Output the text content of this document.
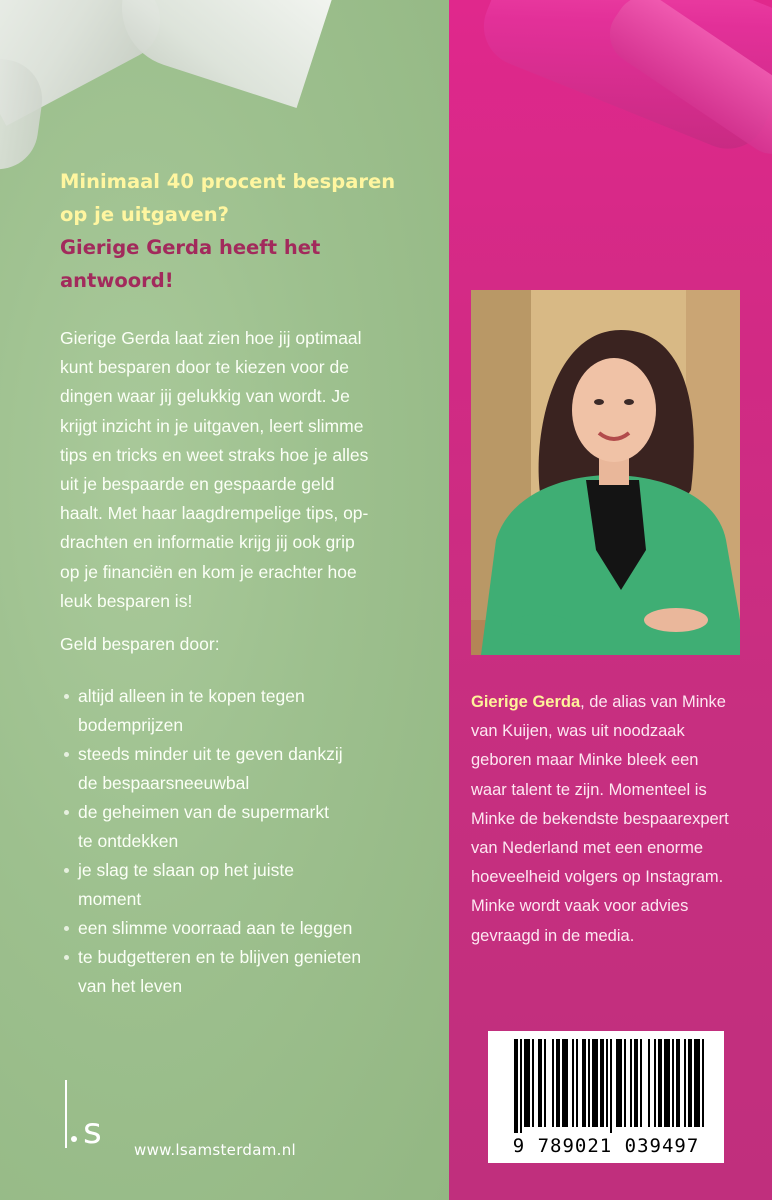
Minimaal 40 procent besparen
op je uitgaven?
Gierige Gerda heeft het
antwoord!

Gierige Gerda laat zien hoe jij optimaal
kunt besparen door te kiezen voor de
dingen waar jij gelukkig van wordt. Je
krijgt inzicht in je uitgaven, leert slimme
tips en tricks en weet straks hoe je alles
uit je bespaarde en gespaarde geld
haalt. Met haar laagdrempelige tips, op-
drachten en informatie krijg jij ook grip
op je financiën en kom je erachter hoe
leuk besparen is!

Geld besparen door:

altijd alleen in te kopen tegen
bodemprijzen
steeds minder uit te geven dankzij
de bespaarsneeuwbal
de geheimen van de supermarkt
te ontdekken
je slag te slaan op het juiste
moment
een slimme voorraad aan te leggen
te budgetteren en te blijven genieten
van het leven
s www.lsamsterdam.nl

Gierige Gerda, de alias van Minke
van Kuijen, was uit noodzaak
geboren maar Minke bleek een
waar talent te zijn. Momenteel is
Minke de bekendste bespaarexpert
van Nederland met een enorme
hoeveelheid volgers op Instagram.
Minke wordt vaak voor advies
gevraagd in de media.

9 789021 039497
